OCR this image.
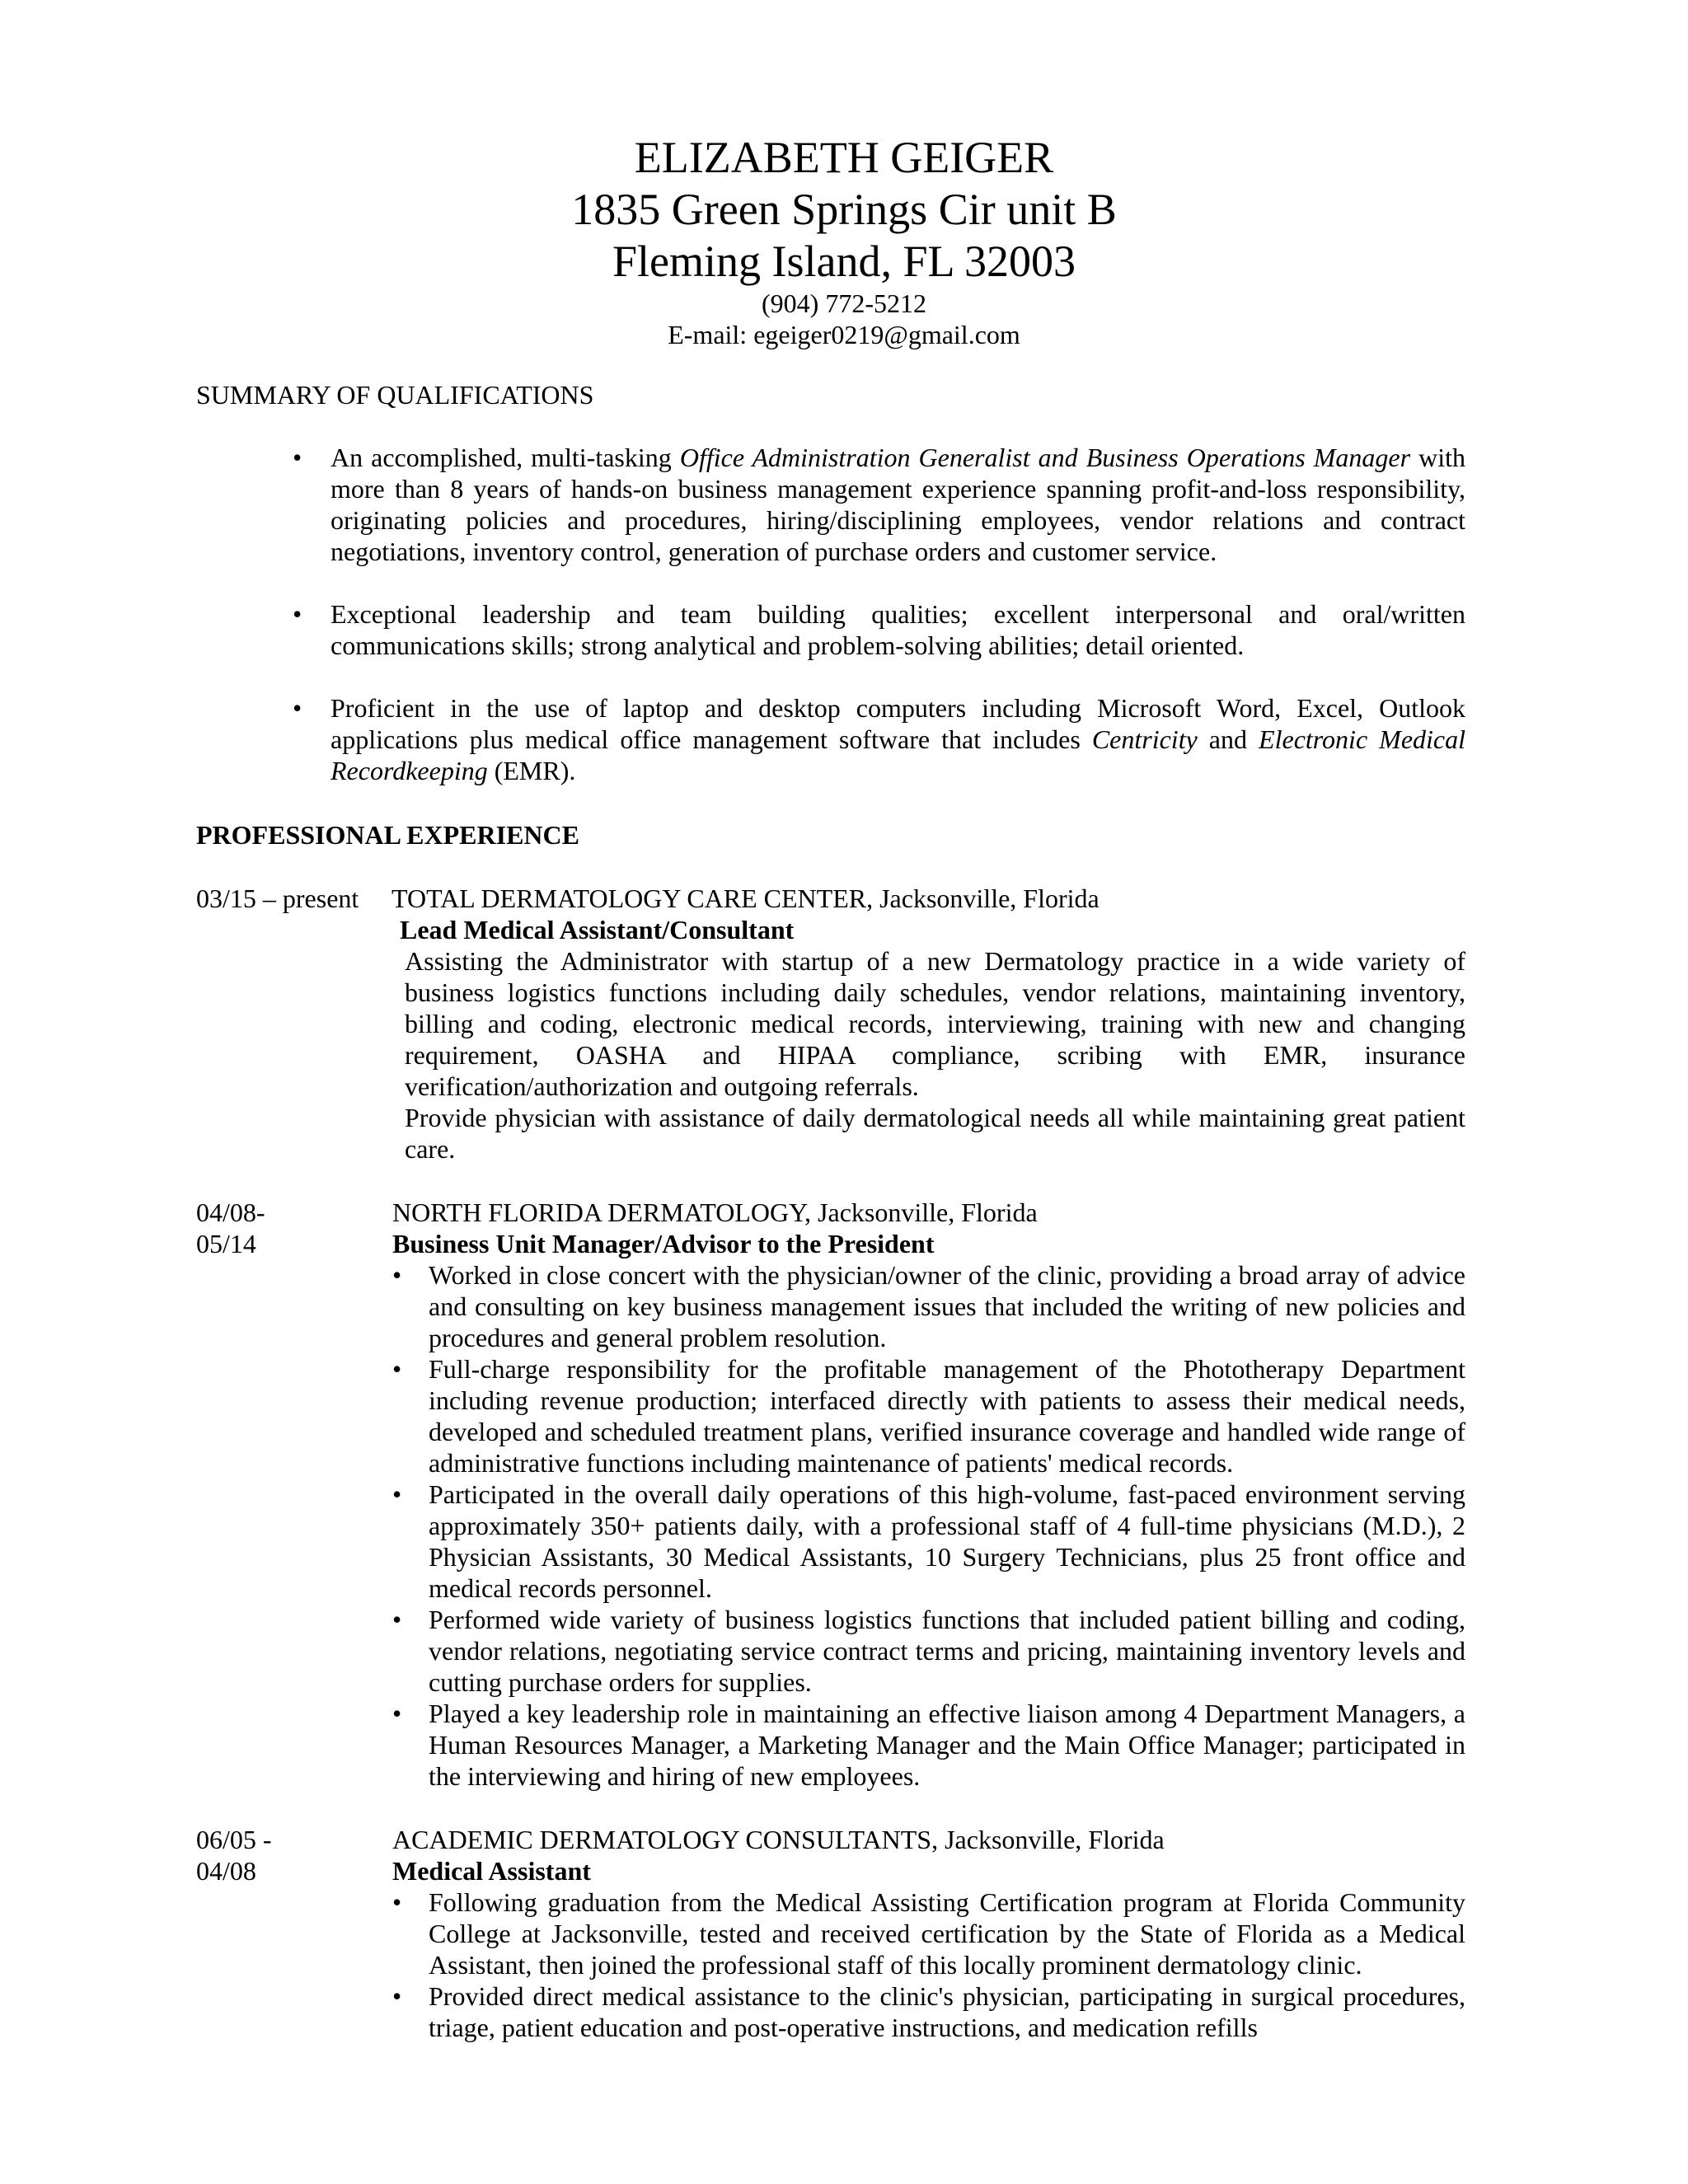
ELIZABETH GEIGER
1835 Green Springs Cir unit B
Fleming Island, FL 32003
(904) 772-5212
E-mail: egeiger0219@gmail.com
SUMMARY OF QUALIFICATIONS
• An accomplished, multi-tasking Office Administration Generalist and Business Operations Manager with more than 8 years of hands-on business management experience spanning profit-and-loss responsibility, originating policies and procedures, hiring/disciplining employees, vendor relations and contract negotiations, inventory control, generation of purchase orders and customer service.
• Exceptional leadership and team building qualities; excellent interpersonal and oral/written communications skills; strong analytical and problem-solving abilities; detail oriented.
• Proficient in the use of laptop and desktop computers including Microsoft Word, Excel, Outlook applications plus medical office management software that includes Centricity and Electronic Medical Recordkeeping (EMR).
PROFESSIONAL EXPERIENCE
03/15 – present	TOTAL DERMATOLOGY CARE CENTER, Jacksonville, Florida
Lead Medical Assistant/Consultant
Assisting the Administrator with startup of a new Dermatology practice in a wide variety of business logistics functions including daily schedules, vendor relations, maintaining inventory, billing and coding, electronic medical records, interviewing, training with new and changing requirement, OASHA and HIPAA compliance, scribing with EMR, insurance verification/authorization and outgoing referrals.
Provide physician with assistance of daily dermatological needs all while maintaining great patient care.
04/08-
05/14
NORTH FLORIDA DERMATOLOGY, Jacksonville, Florida
Business Unit Manager/Advisor to the President
• Worked in close concert with the physician/owner of the clinic, providing a broad array of advice and consulting on key business management issues that included the writing of new policies and procedures and general problem resolution.
• Full-charge responsibility for the profitable management of the Phototherapy Department including revenue production; interfaced directly with patients to assess their medical needs, developed and scheduled treatment plans, verified insurance coverage and handled wide range of administrative functions including maintenance of patients' medical records.
• Participated in the overall daily operations of this high-volume, fast-paced environment serving approximately 350+ patients daily, with a professional staff of 4 full-time physicians (M.D.), 2 Physician Assistants, 30 Medical Assistants, 10 Surgery Technicians, plus 25 front office and medical records personnel.
• Performed wide variety of business logistics functions that included patient billing and coding, vendor relations, negotiating service contract terms and pricing, maintaining inventory levels and cutting purchase orders for supplies.
• Played a key leadership role in maintaining an effective liaison among 4 Department Managers, a Human Resources Manager, a Marketing Manager and the Main Office Manager; participated in the interviewing and hiring of new employees.
06/05 -
04/08
ACADEMIC DERMATOLOGY CONSULTANTS, Jacksonville, Florida
Medical Assistant
• Following graduation from the Medical Assisting Certification program at Florida Community College at Jacksonville, tested and received certification by the State of Florida as a Medical Assistant, then joined the professional staff of this locally prominent dermatology clinic.
• Provided direct medical assistance to the clinic's physician, participating in surgical procedures, triage, patient education and post-operative instructions, and medication refills
